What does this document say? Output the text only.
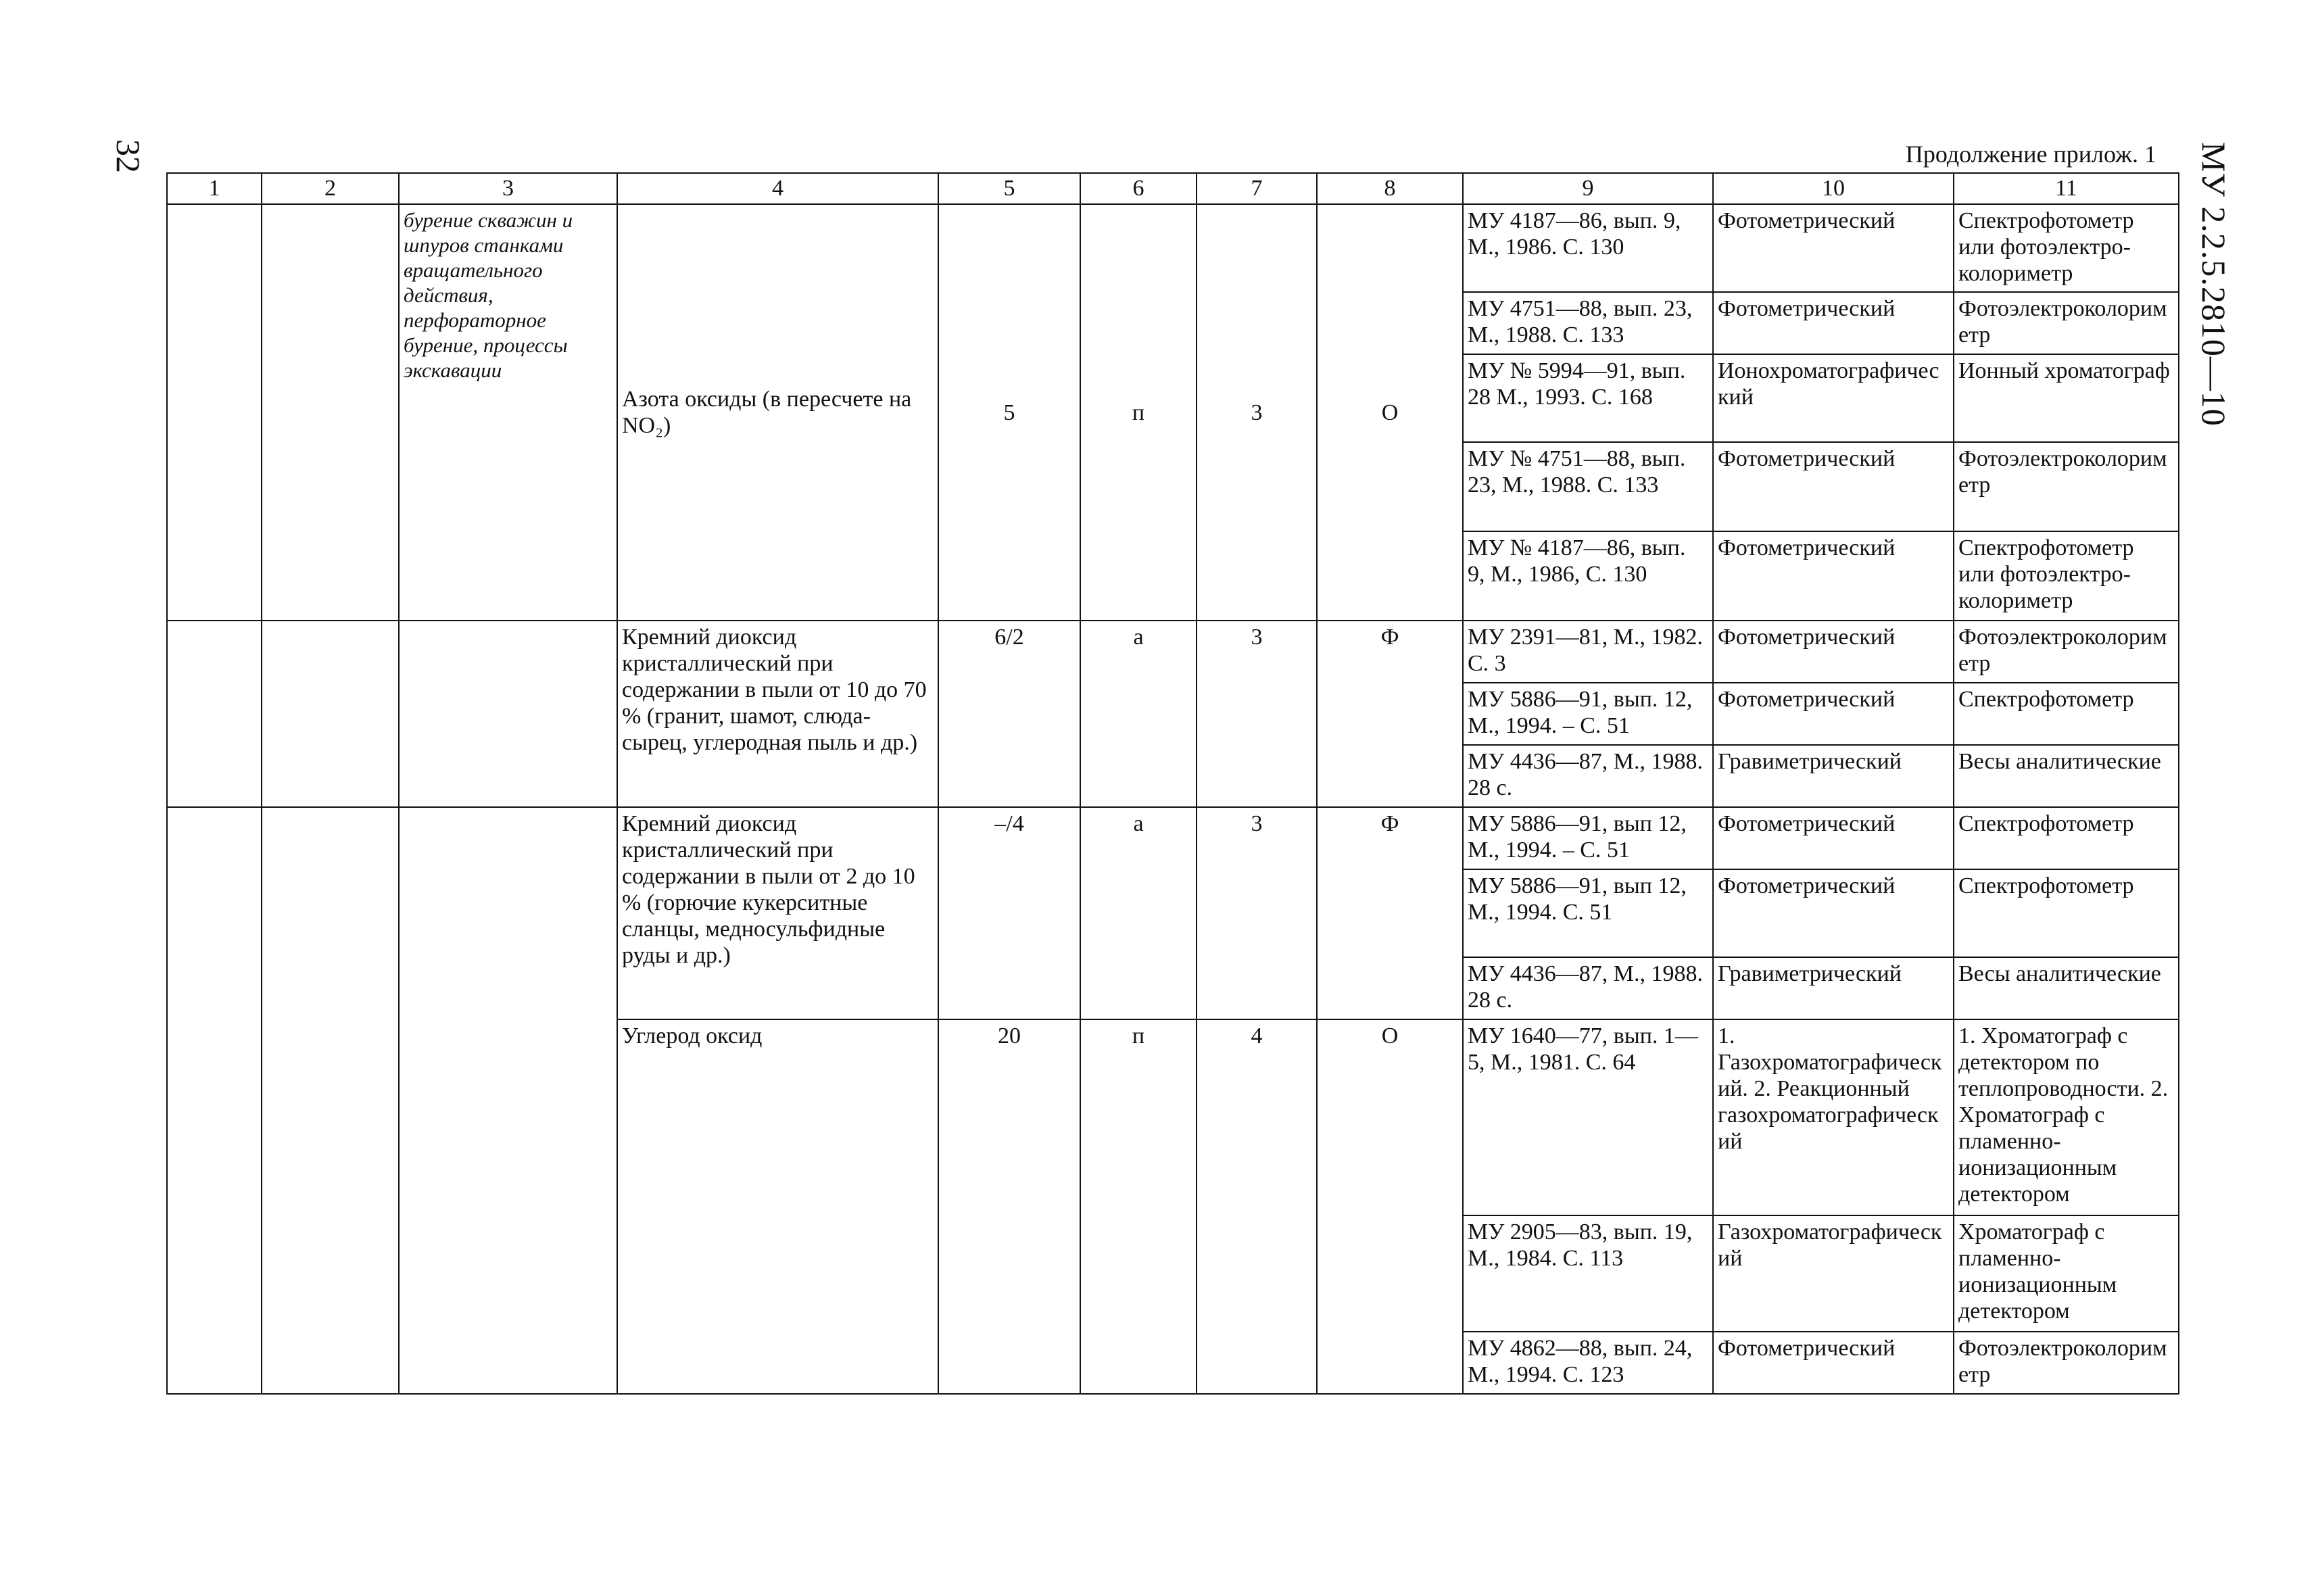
32	МУ 2.2.5.2810—10
Продолжение прилож. 1
1	2	3	4	5	6	7	8	9	10	11
		бурение скважин и шпуров станками вращательного действия, перфораторное бурение, процессы экскавации	Азота оксиды (в пересчете на NO₂)	5	п	3	О	МУ 4187—86, вып. 9, М., 1986. С. 130	Фотометрический	Спектрофотометр или фотоэлектро-колориметр
								МУ 4751—88, вып. 23, М., 1988. С. 133	Фотометрический	Фотоэлектроколориметр
								МУ № 5994—91, вып. 28 М., 1993. С. 168	Ионохроматографический	Ионный хроматограф
								МУ № 4751—88, вып. 23, М., 1988. С. 133	Фотометрический	Фотоэлектроколориметр
								МУ № 4187—86, вып. 9, М., 1986, С. 130	Фотометрический	Спектрофотометр или фотоэлектро-колориметр
			Кремний диоксид кристаллический при содержании в пыли от 10 до 70 % (гранит, шамот, слюда-сырец, углеродная пыль и др.)	6/2	а	3	Ф	МУ 2391—81, М., 1982. С. 3	Фотометрический	Фотоэлектроколориметр
								МУ 5886—91, вып. 12, М., 1994. – С. 51	Фотометрический	Спектрофотометр
								МУ 4436—87, М., 1988. 28 с.	Гравиметрический	Весы аналитические
			Кремний диоксид кристаллический при содержании в пыли от 2 до 10 % (горючие кукерситные сланцы, медносульфидные руды и др.)	–/4	а	3	Ф	МУ 5886—91, вып 12, М., 1994. – С. 51	Фотометрический	Спектрофотометр
								МУ 5886—91, вып 12, М., 1994. С. 51	Фотометрический	Спектрофотометр
								МУ 4436—87, М., 1988. 28 с.	Гравиметрический	Весы аналитические
			Углерод оксид	20	п	4	О	МУ 1640—77, вып. 1—5, М., 1981. С. 64	1. Газохроматографический. 2. Реакционный газохроматографический	1. Хроматограф с детектором по теплопроводности. 2. Хроматограф с пламенно-ионизационным детектором
								МУ 2905—83, вып. 19, М., 1984. С. 113	Газохроматографический	Хроматограф с пламенно-ионизационным детектором
								МУ 4862—88, вып. 24, М., 1994. С. 123	Фотометрический	Фотоэлектроколориметр
